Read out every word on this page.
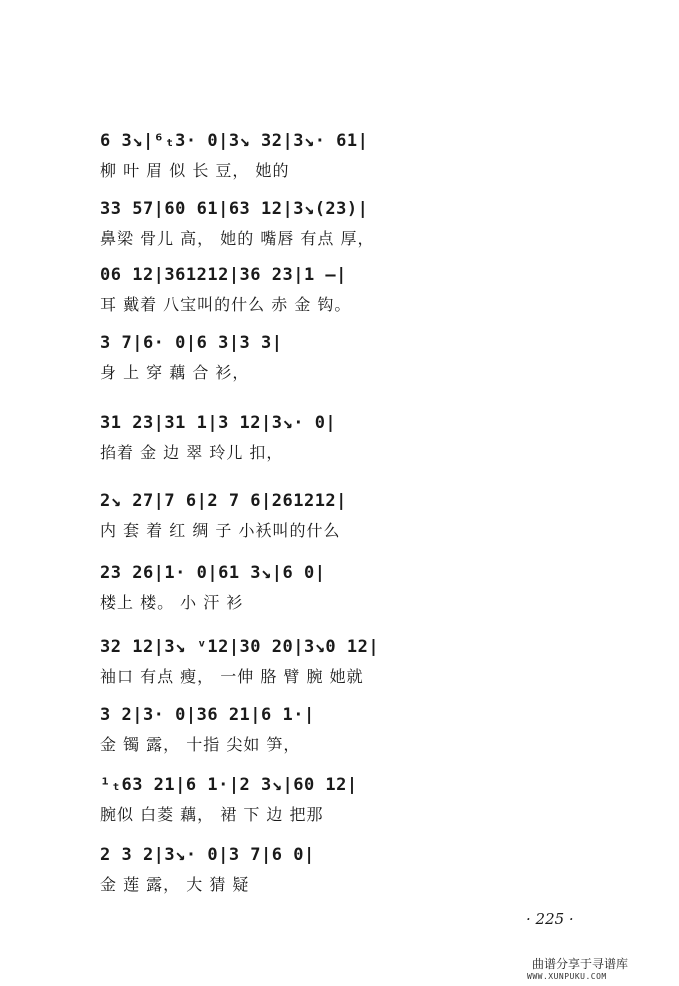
6 3↘|⁶ₜ3· 0|3↘ 32|3↘· 61|
柳 叶 眉 似 长 豆， 她的
33 57|60 61|63 12|3↘(23)|
鼻梁 骨儿 高， 她的 嘴唇 有点 厚，
06 12|361212|36 23|1 —|
耳 戴着 八宝叫的什么 赤 金 钩。
3 7|6· 0|6 3|3 3|
身 上 穿 藕 合 衫，
31 23|31 1|3 12|3↘· 0|
掐着 金 边 翠 玲儿 扣，
2↘ 27|7 6|2 7 6|261212|
内 套 着 红 绸 子 小袄叫的什么
23 26|1· 0|61 3↘|6 0|
楼上 楼。 小 汗 衫
32 12|3↘ ᵛ12|30 20|3↘0 12|
袖口 有点 瘦， 一伸 胳 臂 腕 她就
3 2|3· 0|36 21|6 1·|
金 镯 露， 十指 尖如 笋，
¹ₜ63 21|6 1·|2 3↘|60 12|
腕似 白菱 藕， 裙 下 边 把那
2 3 2|3↘· 0|3 7|6 0|
金 莲 露， 大 猜 疑
· 225 ·
曲谱分享于寻谱库
WWW.XUNPUKU.COM
